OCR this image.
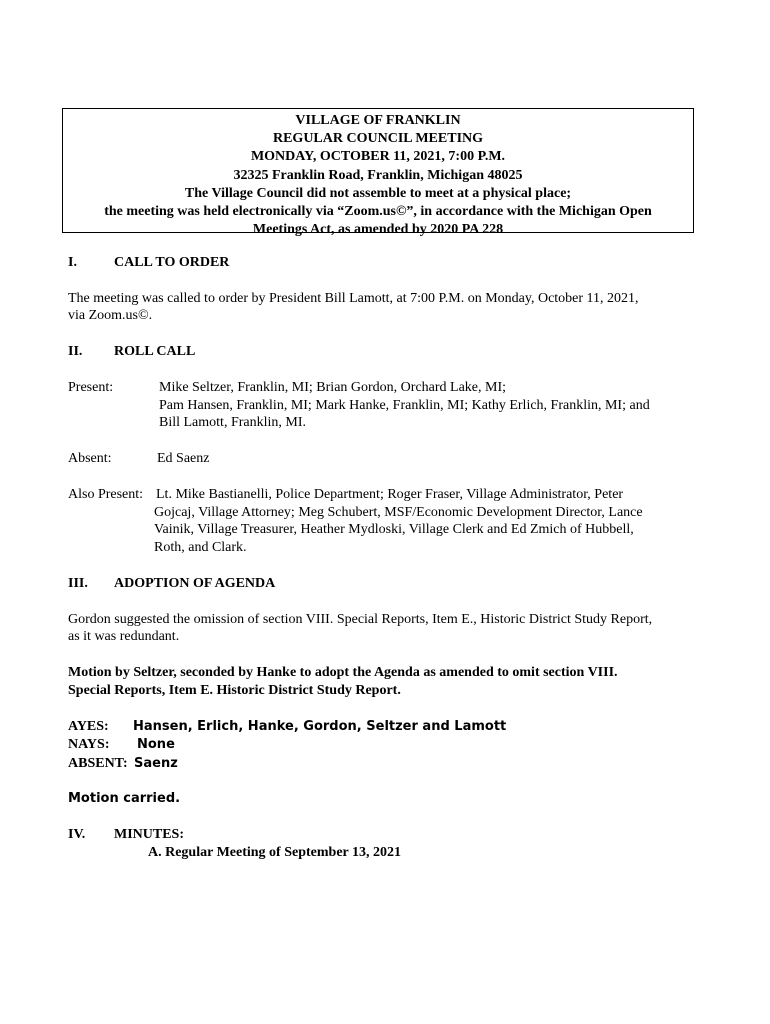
VILLAGE OF FRANKLIN
REGULAR COUNCIL MEETING
MONDAY, OCTOBER 11, 2021, 7:00 P.M.
32325 Franklin Road, Franklin, Michigan 48025
The Village Council did not assemble to meet at a physical place;
the meeting was held electronically via “Zoom.us©”, in accordance with the Michigan Open
Meetings Act, as amended by 2020 PA 228
I.	CALL TO ORDER
The meeting was called to order by President Bill Lamott, at 7:00 P.M. on Monday, October 11, 2021,
via Zoom.us©.
II. ROLL CALL
Present:	Mike Seltzer, Franklin, MI; Brian Gordon, Orchard Lake, MI;
Pam Hansen, Franklin, MI; Mark Hanke, Franklin, MI; Kathy Erlich, Franklin, MI; and
Bill Lamott, Franklin, MI.
Absent:	Ed Saenz
Also Present: Lt. Mike Bastianelli, Police Department; Roger Fraser, Village Administrator, Peter
Gojcaj, Village Attorney; Meg Schubert, MSF/Economic Development Director, Lance
Vainik, Village Treasurer, Heather Mydloski, Village Clerk and Ed Zmich of Hubbell,
Roth, and Clark.
III. ADOPTION OF AGENDA
Gordon suggested the omission of section VIII. Special Reports, Item E., Historic District Study Report,
as it was redundant.
Motion by Seltzer, seconded by Hanke to adopt the Agenda as amended to omit section VIII.
Special Reports, Item E. Historic District Study Report.
AYES: Hansen, Erlich, Hanke, Gordon, Seltzer and Lamott
NAYS: None
ABSENT: Saenz
Motion carried.
IV. MINUTES:
A. Regular Meeting of September 13, 2021
